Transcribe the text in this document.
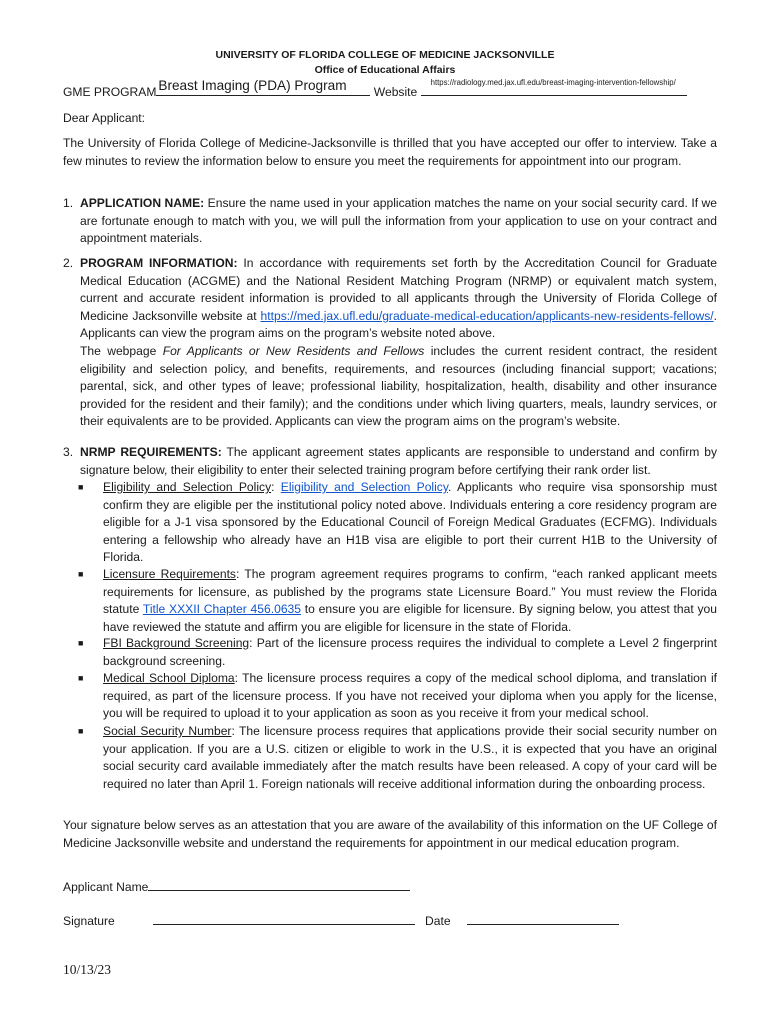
UNIVERSITY OF FLORIDA COLLEGE OF MEDICINE JACKSONVILLE
Office of Educational Affairs
GME PROGRAM Breast Imaging (PDA) Program Website
https://radiology.med.jax.ufl.edu/breast-imaging-intervention-fellowship/
Dear Applicant:
The University of Florida College of Medicine-Jacksonville is thrilled that you have accepted our offer to interview. Take a few minutes to review the information below to ensure you meet the requirements for appointment into our program.
1. APPLICATION NAME: Ensure the name used in your application matches the name on your social security card. If we are fortunate enough to match with you, we will pull the information from your application to use on your contract and appointment materials.
2. PROGRAM INFORMATION: In accordance with requirements set forth by the Accreditation Council for Graduate Medical Education (ACGME) and the National Resident Matching Program (NRMP) or equivalent match system, current and accurate resident information is provided to all applicants through the University of Florida College of Medicine Jacksonville website at https://med.jax.ufl.edu/graduate-medical-education/applicants-new-residents-fellows/. Applicants can view the program aims on the program’s website noted above.
The webpage For Applicants or New Residents and Fellows includes the current resident contract, the resident eligibility and selection policy, and benefits, requirements, and resources (including financial support; vacations; parental, sick, and other types of leave; professional liability, hospitalization, health, disability and other insurance provided for the resident and their family); and the conditions under which living quarters, meals, laundry services, or their equivalents are to be provided. Applicants can view the program aims on the program’s website.
3. NRMP REQUIREMENTS: The applicant agreement states applicants are responsible to understand and confirm by signature below, their eligibility to enter their selected training program before certifying their rank order list.
■	Eligibility and Selection Policy: Eligibility and Selection Policy. Applicants who require visa sponsorship must confirm they are eligible per the institutional policy noted above. Individuals entering a core residency program are eligible for a J-1 visa sponsored by the Educational Council of Foreign Medical Graduates (ECFMG). Individuals entering a fellowship who already have an H1B visa are eligible to port their current H1B to the University of Florida.
■	Licensure Requirements: The program agreement requires programs to confirm, “each ranked applicant meets requirements for licensure, as published by the programs state Licensure Board.” You must review the Florida statute Title XXXII Chapter 456.0635 to ensure you are eligible for licensure. By signing below, you attest that you have reviewed the statute and affirm you are eligible for licensure in the state of Florida.
■	FBI Background Screening: Part of the licensure process requires the individual to complete a Level 2 fingerprint background screening.
■	Medical School Diploma: The licensure process requires a copy of the medical school diploma, and translation if required, as part of the licensure process. If you have not received your diploma when you apply for the license, you will be required to upload it to your application as soon as you receive it from your medical school.
■	Social Security Number: The licensure process requires that applications provide their social security number on your application. If you are a U.S. citizen or eligible to work in the U.S., it is expected that you have an original social security card available immediately after the match results have been released. A copy of your card will be required no later than April 1. Foreign nationals will receive additional information during the onboarding process.
Your signature below serves as an attestation that you are aware of the availability of this information on the UF College of Medicine Jacksonville website and understand the requirements for appointment in our medical education program.
Applicant Name
Signature	Date
10/13/23
